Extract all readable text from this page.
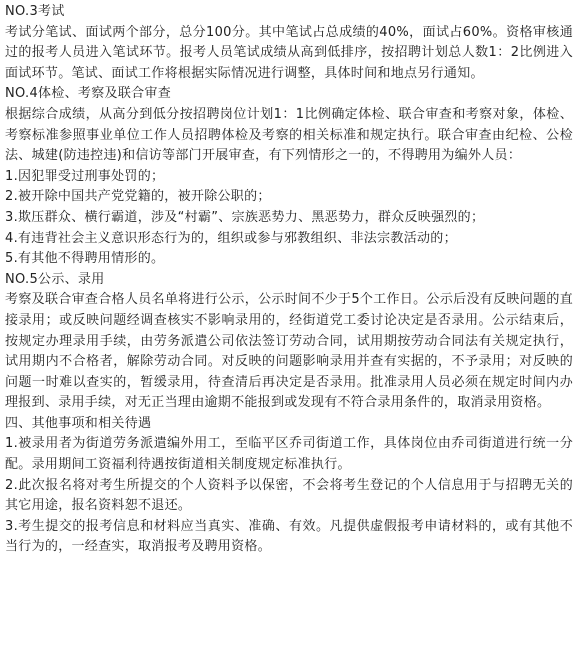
NO.3考试
考试分笔试、面试两个部分，总分100分。其中笔试占总成绩的40%，面试占60%。资格审核通过的报考人员进入笔试环节。报考人员笔试成绩从高到低排序，按招聘计划总人数1：2比例进入面试环节。笔试、面试工作将根据实际情况进行调整，具体时间和地点另行通知。
NO.4体检、考察及联合审查
根据综合成绩，从高分到低分按招聘岗位计划1：1比例确定体检、联合审查和考察对象，体检、考察标准参照事业单位工作人员招聘体检及考察的相关标准和规定执行。联合审查由纪检、公检法、城建(防违控违)和信访等部门开展审查，有下列情形之一的，不得聘用为编外人员：
1.因犯罪受过刑事处罚的；
2.被开除中国共产党党籍的，被开除公职的；
3.欺压群众、横行霸道，涉及“村霸”、宗族恶势力、黑恶势力，群众反映强烈的；
4.有违背社会主义意识形态行为的，组织或参与邪教组织、非法宗教活动的；
5.有其他不得聘用情形的。
NO.5公示、录用
考察及联合审查合格人员名单将进行公示，公示时间不少于5个工作日。公示后没有反映问题的直接录用；或反映问题经调查核实不影响录用的，经街道党工委讨论决定是否录用。公示结束后，按规定办理录用手续，由劳务派遣公司依法签订劳动合同，试用期按劳动合同法有关规定执行，试用期内不合格者，解除劳动合同。对反映的问题影响录用并查有实据的，不予录用；对反映的问题一时难以查实的，暂缓录用，待查清后再决定是否录用。批准录用人员必须在规定时间内办理报到、录用手续，对无正当理由逾期不能报到或发现有不符合录用条件的，取消录用资格。
四、其他事项和相关待遇
1.被录用者为街道劳务派遣编外用工，至临平区乔司街道工作，具体岗位由乔司街道进行统一分配。录用期间工资福利待遇按街道相关制度规定标准执行。
2.此次报名将对考生所提交的个人资料予以保密，不会将考生登记的个人信息用于与招聘无关的其它用途，报名资料恕不退还。
3.考生提交的报考信息和材料应当真实、准确、有效。凡提供虚假报考申请材料的，或有其他不当行为的，一经查实，取消报考及聘用资格。
